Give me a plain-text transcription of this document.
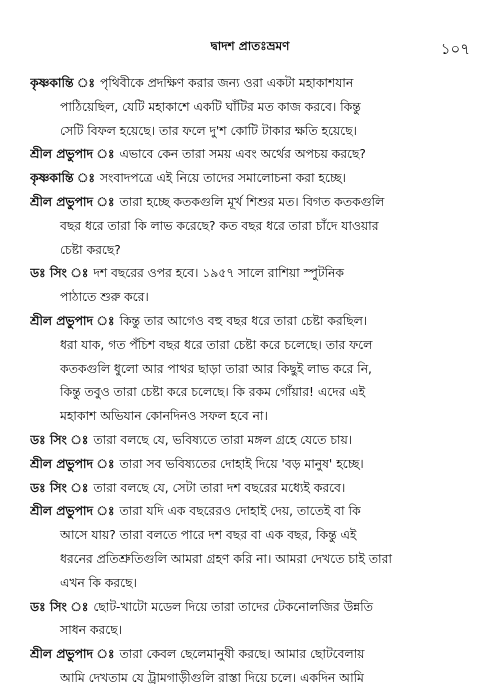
দ্বাদশ প্রাতঃভ্রমণ	১০৭
কৃষ্ণকান্তি ঃ পৃথিবীকে প্রদক্ষিণ করার জন্য ওরা একটা মহাকাশযান
পাঠিয়েছিল, যেটি মহাকাশে একটি ঘাঁটির মত কাজ করবে। কিন্তু
সেটি বিফল হয়েছে। তার ফলে দু'শ কোটি টাকার ক্ষতি হয়েছে।
শ্রীল প্রভুপাদ ঃ এভাবে কেন তারা সময় এবং অর্থের অপচয় করছে?
কৃষ্ণকান্তি ঃ সংবাদপত্রে এই নিয়ে তাদের সমালোচনা করা হচ্ছে।
শ্রীল প্রভুপাদ ঃ তারা হচ্ছে কতকগুলি মূর্খ শিশুর মত। বিগত কতকগুলি
বছর ধরে তারা কি লাভ করেছে? কত বছর ধরে তারা চাঁদে যাওয়ার
চেষ্টা করছে?
ডঃ সিং ঃ দশ বছরের ওপর হবে। ১৯৫৭ সালে রাশিয়া স্পুটনিক
পাঠাতে শুরু করে।
শ্রীল প্রভুপাদ ঃ কিন্তু তার আগেও বহু বছর ধরে তারা চেষ্টা করছিল।
ধরা যাক, গত পঁচিশ বছর ধরে তারা চেষ্টা করে চলেছে। তার ফলে
কতকগুলি ধুলো আর পাথর ছাড়া তারা আর কিছুই লাভ করে নি,
কিন্তু তবুও তারা চেষ্টা করে চলেছে। কি রকম গোঁয়ার! এদের এই
মহাকাশ অভিযান কোনদিনও সফল হবে না।
ডঃ সিং ঃ তারা বলছে যে, ভবিষ্যতে তারা মঙ্গল গ্রহে যেতে চায়।
শ্রীল প্রভুপাদ ঃ তারা সব ভবিষ্যতের দোহাই দিয়ে 'বড় মানুষ' হচ্ছে।
ডঃ সিং ঃ তারা বলছে যে, সেটা তারা দশ বছরের মধ্যেই করবে।
শ্রীল প্রভুপাদ ঃ তারা যদি এক বছরেরও দোহাই দেয়, তাতেই বা কি
আসে যায়? তারা বলতে পারে দশ বছর বা এক বছর, কিন্তু এই
ধরনের প্রতিশ্রুতিগুলি আমরা গ্রহণ করি না। আমরা দেখতে চাই তারা
এখন কি করছে।
ডঃ সিং ঃ ছোট-খাটো মডেল দিয়ে তারা তাদের টেকনোলজির উন্নতি
সাধন করছে।
শ্রীল প্রভুপাদ ঃ তারা কেবল ছেলেমানুষী করছে। আমার ছোটবেলায়
আমি দেখতাম যে ট্রামগাড়ীগুলি রাস্তা দিয়ে চলে। একদিন আমি
